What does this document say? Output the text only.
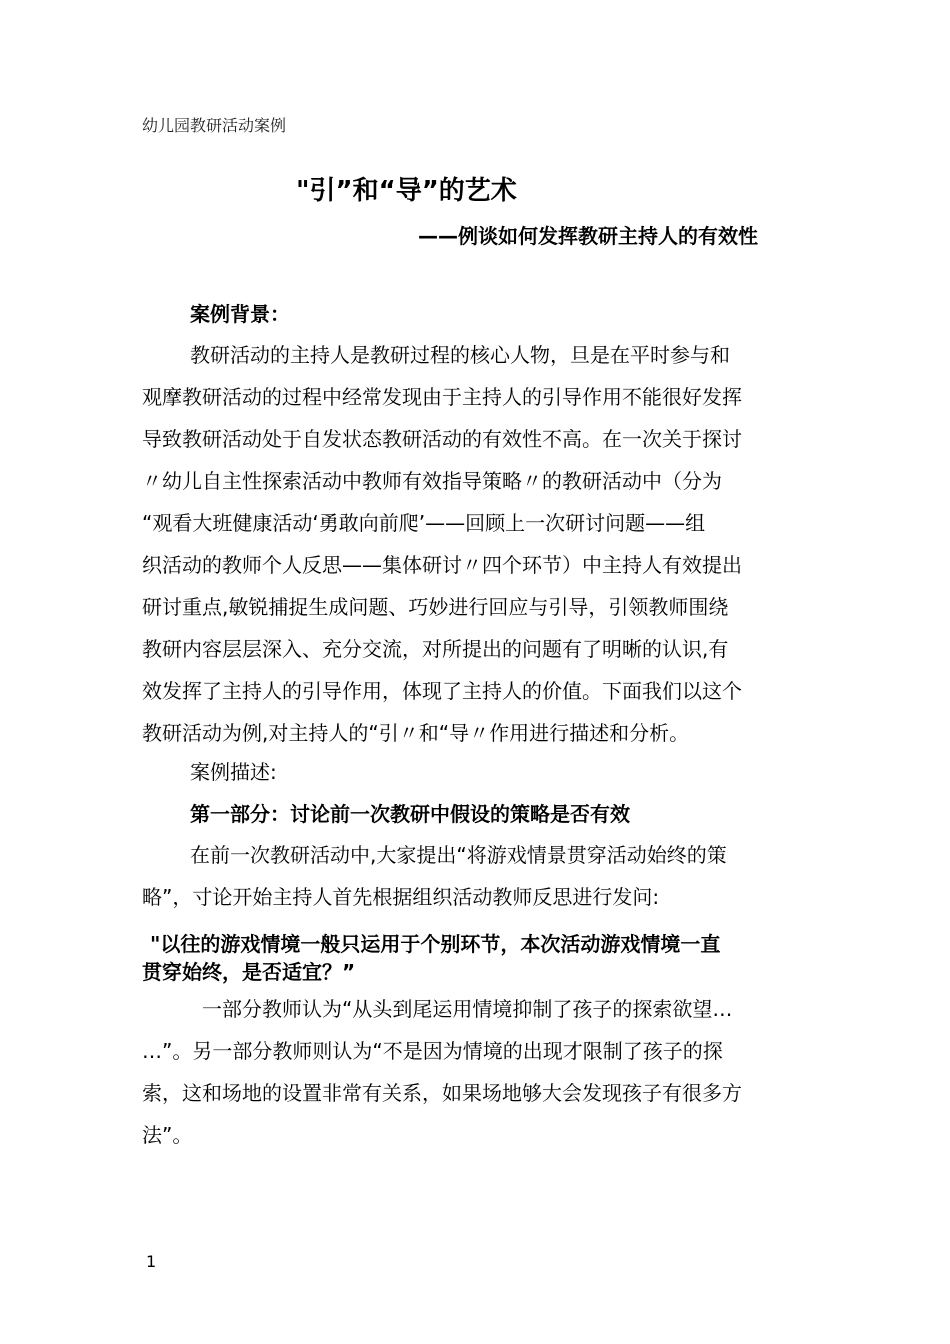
幼儿园教研活动案例
"引”和“导”的艺术
——例谈如何发挥教研主持人的有效性
案例背景：
教研活动的主持人是教研过程的核心人物，旦是在平时参与和
观摩教研活动的过程中经常发现由于主持人的引导作用不能很好发挥
导致教研活动处于自发状态教研活动的有效性不高。在一次关于探讨
〃幼儿自主性探索活动中教师有效指导策略〃的教研活动中（分为
“观看大班健康活动‘勇敢向前爬’——回顾上一次研讨问题——组
织活动的教师个人反思——集体研讨〃四个环节）中主持人有效提出
研讨重点,敏锐捕捉生成问题、巧妙进行回应与引导，引领教师围绕
教研内容层层深入、充分交流，对所提出的问题有了明晰的认识,有
效发挥了主持人的引导作用，体现了主持人的价值。下面我们以这个
教研活动为例,对主持人的“引〃和“导〃作用进行描述和分析。
案例描述:
第一部分：讨论前一次教研中假设的策略是否有效
在前一次教研活动中,大家提出“将游戏情景贯穿活动始终的策
略”，寸论开始主持人首先根据组织活动教师反思进行发问:
"以往的游戏情境一般只运用于个别环节，本次活动游戏情境一直
贯穿始终，是否适宜？”
一部分教师认为“从头到尾运用情境抑制了孩子的探索欲望…
…”。另一部分教师则认为“不是因为情境的出现才限制了孩子的探
索，这和场地的设置非常有关系，如果场地够大会发现孩子有很多方
法”。
1
